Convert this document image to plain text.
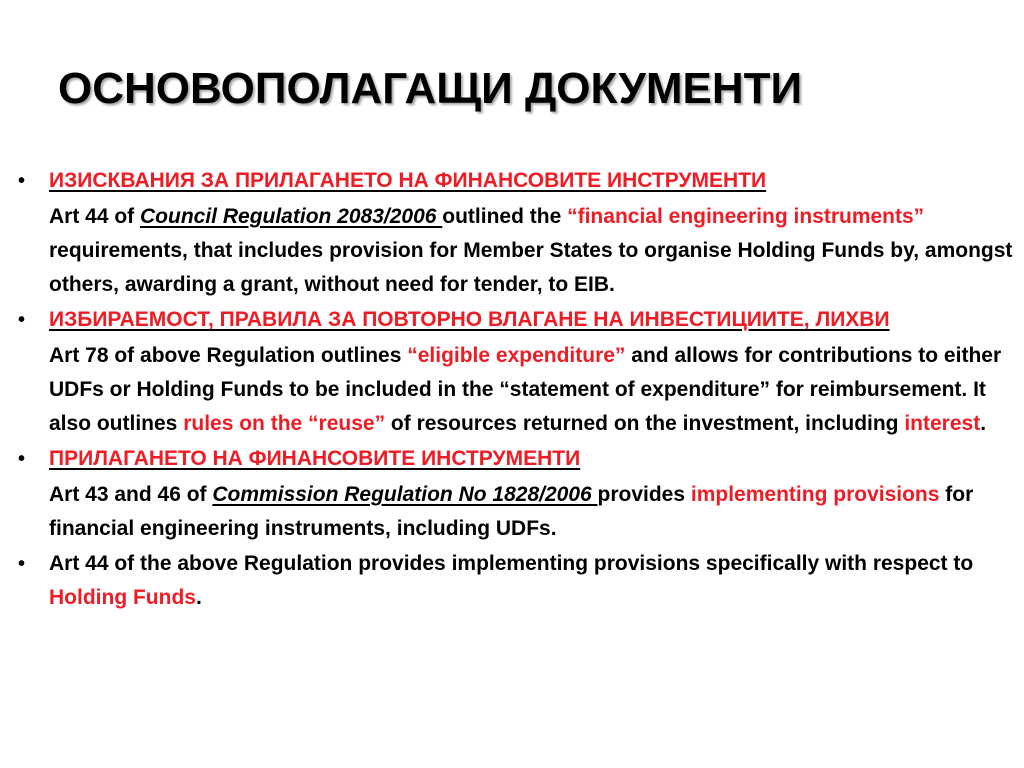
ОСНОВОПОЛАГАЩИ ДОКУМЕНТИ
•	ИЗИСКВАНИЯ ЗА ПРИЛАГАНЕТО НА ФИНАНСОВИТЕ ИНСТРУМЕНТИ
Art 44 of Council Regulation 2083/2006 outlined the “financial engineering instruments” requirements, that includes provision for Member States to organise Holding Funds by, amongst others, awarding a grant, without need for tender, to EIB.
•	ИЗБИРАЕМОСТ, ПРАВИЛА ЗА ПОВТОРНО ВЛАГАНЕ НА ИНВЕСТИЦИИТЕ, ЛИХВИ
Art 78 of above Regulation outlines “eligible expenditure” and allows for contributions to either UDFs or Holding Funds to be included in the “statement of expenditure” for reimbursement. It also outlines rules on the “reuse” of resources returned on the investment, including interest.
•	ПРИЛАГАНЕТО НА ФИНАНСОВИТЕ ИНСТРУМЕНТИ
Art 43 and 46 of Commission Regulation No 1828/2006 provides implementing provisions for financial engineering instruments, including UDFs.
•	Art 44 of the above Regulation provides implementing provisions specifically with respect to Holding Funds.
